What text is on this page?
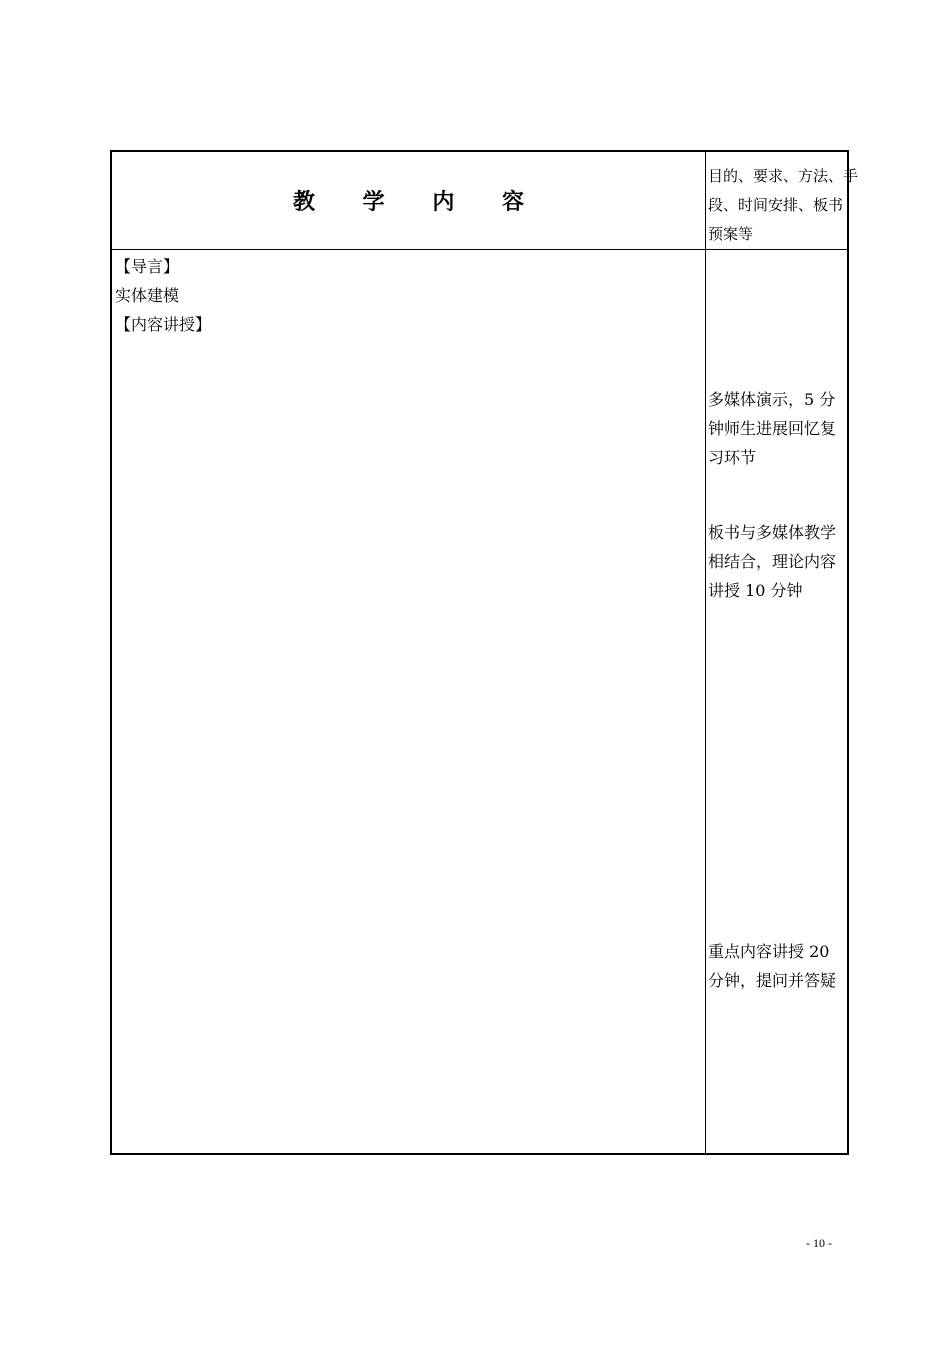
教 学 内 容
目的、要求、方法、手
段、时间安排、板书
预案等
【导言】
实体建模
【内容讲授】
多媒体演示，5 分
钟师生进展回忆复
习环节
板书与多媒体教学
相结合，理论内容
讲授 10 分钟
重点内容讲授 20
分钟，提问并答疑
- 10 -
